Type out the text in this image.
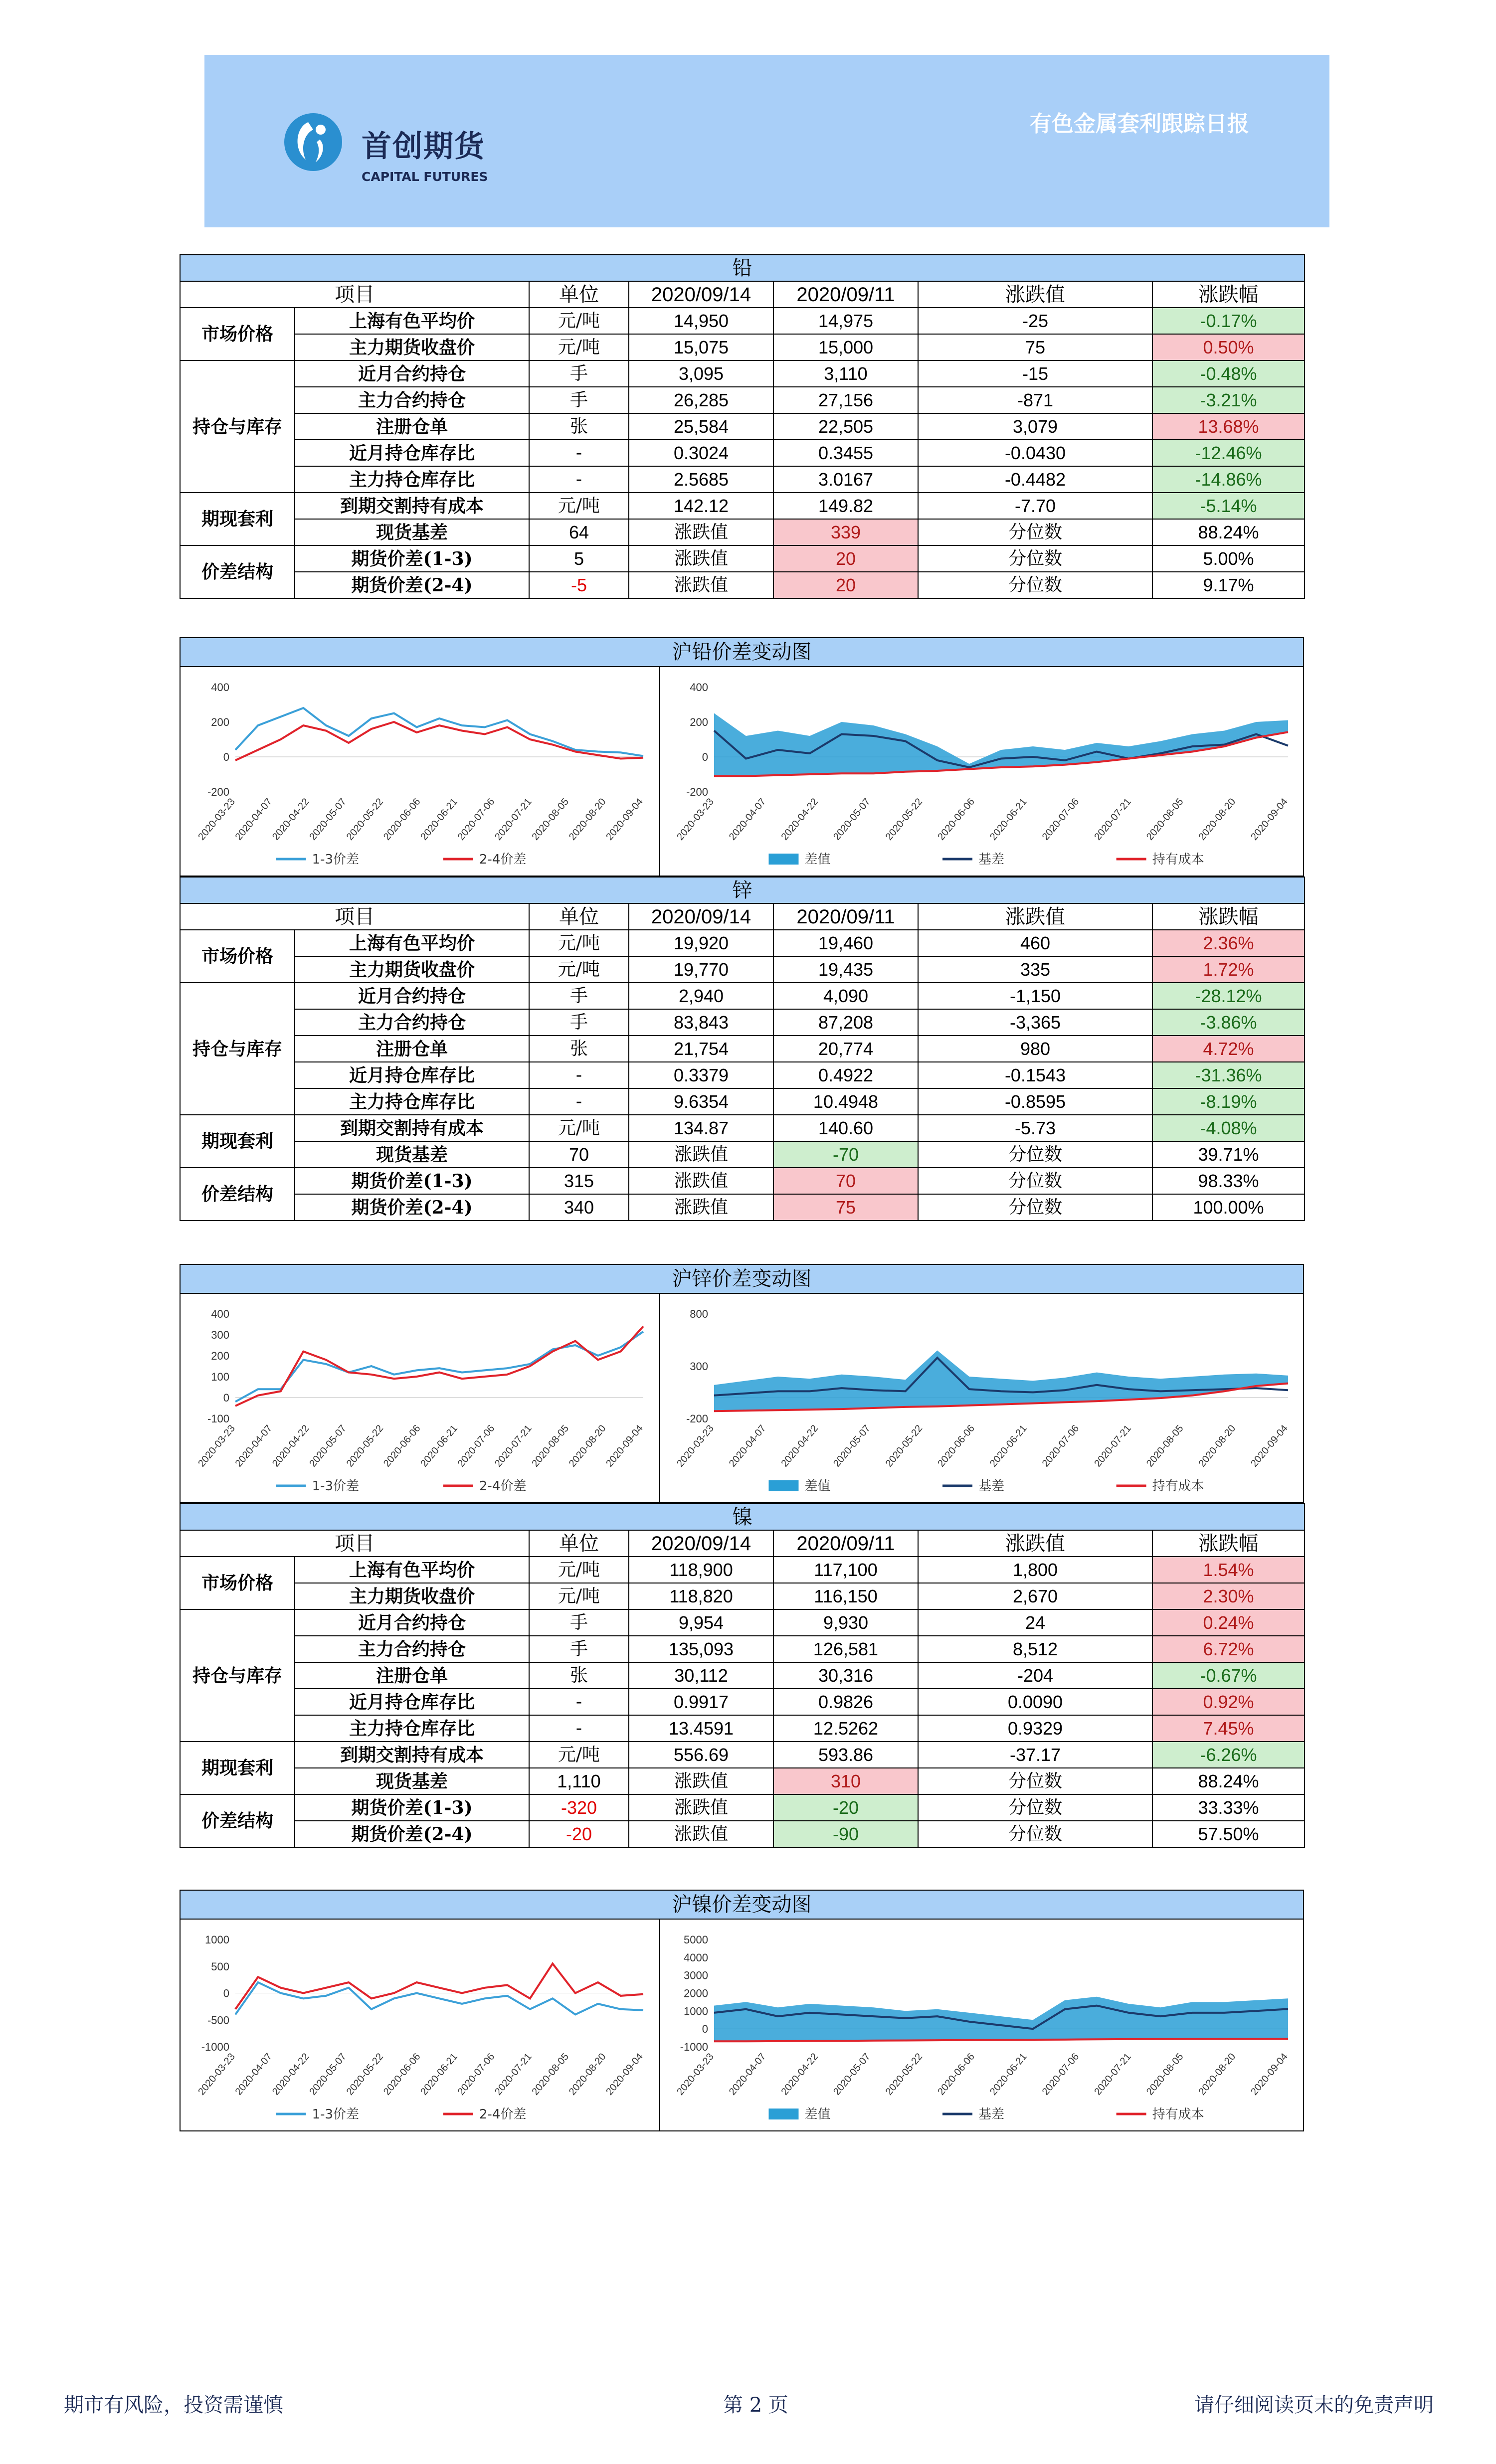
首创期货
CAPITAL FUTURES
有色金属套利跟踪日报
铅						
项目		单位	2020/09/14	2020/09/11	涨跌值	涨跌幅
市场价格	上海有色平均价	元/吨	14,950	14,975	-25	-0.17%
	主力期货收盘价	元/吨	15,075	15,000	75	0.50%
持仓与库存	近月合约持仓	手	3,095	3,110	-15	-0.48%
	主力合约持仓	手	26,285	27,156	-871	-3.21%
	注册仓单	张	25,584	22,505	3,079	13.68%
	近月持仓库存比	-	0.3024	0.3455	-0.0430	-12.46%
	主力持仓库存比	-	2.5685	3.0167	-0.4482	-14.86%
期现套利	到期交割持有成本	元/吨	142.12	149.82	-7.70	-5.14%
	现货基差	64	涨跌值	339	分位数	88.24%
价差结构	期货价差(1-3)	5	涨跌值	20	分位数	5.00%
	期货价差(2-4)	-5	涨跌值	20	分位数	9.17%
沪铅价差变动图
-200
0
200
400
2020-03-23
2020-04-07
2020-04-22
2020-05-07
2020-05-22
2020-06-06
2020-06-21
2020-07-06
2020-07-21
2020-08-05
2020-08-20
2020-09-04
1-3价差	2-4价差
-200
0
200
400
2020-03-23 2020-04-07 2020-04-22 2020-05-07 2020-05-22 2020-06-06 2020-06-21 2020-07-06 2020-07-21 2020-08-05 2020-08-20 2020-09-04
差值	基差	持有成本
锌						
项目		单位	2020/09/14	2020/09/11	涨跌值	涨跌幅
市场价格	上海有色平均价	元/吨	19,920	19,460	460	2.36%
	主力期货收盘价	元/吨	19,770	19,435	335	1.72%
持仓与库存	近月合约持仓	手	2,940	4,090	-1,150	-28.12%
	主力合约持仓	手	83,843	87,208	-3,365	-3.86%
	注册仓单	张	21,754	20,774	980	4.72%
	近月持仓库存比	-	0.3379	0.4922	-0.1543	-31.36%
	主力持仓库存比	-	9.6354	10.4948	-0.8595	-8.19%
期现套利	到期交割持有成本	元/吨	134.87	140.60	-5.73	-4.08%
	现货基差	70	涨跌值	-70	分位数	39.71%
价差结构	期货价差(1-3)	315	涨跌值	70	分位数	98.33%
	期货价差(2-4)	340	涨跌值	75	分位数	100.00%
沪锌价差变动图
-100
0
100
200
300
400
2020-03-23
2020-04-07
2020-04-22
2020-05-07
2020-05-22
2020-06-06
2020-06-21
2020-07-06
2020-07-21
2020-08-05
2020-08-20
2020-09-04
1-3价差	2-4价差
-200
300
800
2020-03-23 2020-04-07 2020-04-22 2020-05-07 2020-05-22 2020-06-06 2020-06-21 2020-07-06 2020-07-21 2020-08-05 2020-08-20 2020-09-04
差值	基差	持有成本
镍						
项目		单位	2020/09/14	2020/09/11	涨跌值	涨跌幅
市场价格	上海有色平均价	元/吨	118,900	117,100	1,800	1.54%
	主力期货收盘价	元/吨	118,820	116,150	2,670	2.30%
持仓与库存	近月合约持仓	手	9,954	9,930	24	0.24%
	主力合约持仓	手	135,093	126,581	8,512	6.72%
	注册仓单	张	30,112	30,316	-204	-0.67%
	近月持仓库存比	-	0.9917	0.9826	0.0090	0.92%
	主力持仓库存比	-	13.4591	12.5262	0.9329	7.45%
期现套利	到期交割持有成本	元/吨	556.69	593.86	-37.17	-6.26%
	现货基差	1,110	涨跌值	310	分位数	88.24%
价差结构	期货价差(1-3)	-320	涨跌值	-20	分位数	33.33%
	期货价差(2-4)	-20	涨跌值	-90	分位数	57.50%
沪镍价差变动图
-1000
-500
0
500
1000
2020-03-23
2020-04-07
2020-04-22
2020-05-07
2020-05-22
2020-06-06
2020-06-21
2020-07-06
2020-07-21
2020-08-05
2020-08-20
2020-09-04
1-3价差	2-4价差
-1000
0
1000
2000
3000
4000
5000
2020-03-23 2020-04-07 2020-04-22 2020-05-07 2020-05-22 2020-06-06 2020-06-21 2020-07-06 2020-07-21 2020-08-05 2020-08-20 2020-09-04
差值	基差	持有成本
期市有风险，投资需谨慎	第 2 页	请仔细阅读页末的免责声明
